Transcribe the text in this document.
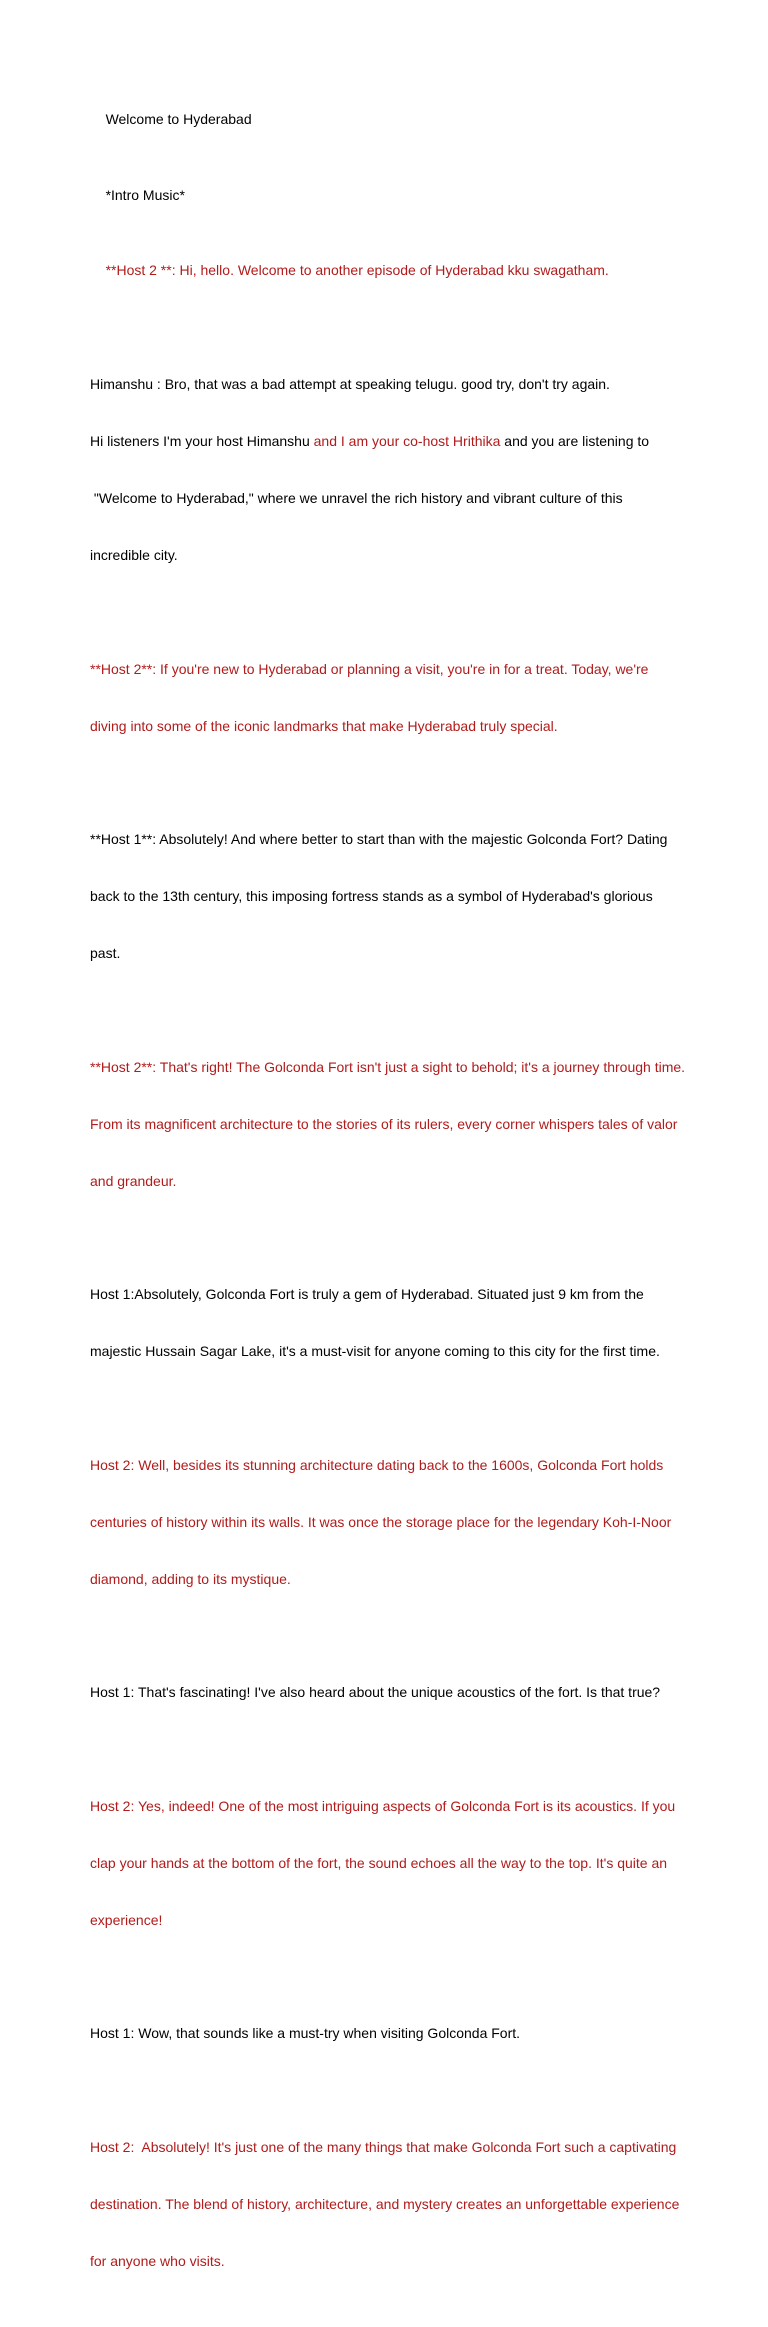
Welcome to Hyderabad

*Intro Music*

**Host 2 **: Hi, hello. Welcome to another episode of Hyderabad kku swagatham.

Himanshu : Bro, that was a bad attempt at speaking telugu. good try, don't try again.

Hi listeners I'm your host Himanshu and I am your co-host Hrithika and you are listening to

"Welcome to Hyderabad," where we unravel the rich history and vibrant culture of this

incredible city.

**Host 2**: If you're new to Hyderabad or planning a visit, you're in for a treat. Today, we're

diving into some of the iconic landmarks that make Hyderabad truly special.

**Host 1**: Absolutely! And where better to start than with the majestic Golconda Fort? Dating

back to the 13th century, this imposing fortress stands as a symbol of Hyderabad's glorious

past.

**Host 2**: That's right! The Golconda Fort isn't just a sight to behold; it's a journey through time.

From its magnificent architecture to the stories of its rulers, every corner whispers tales of valor

and grandeur.

Host 1:Absolutely, Golconda Fort is truly a gem of Hyderabad. Situated just 9 km from the

majestic Hussain Sagar Lake, it's a must-visit for anyone coming to this city for the first time.

Host 2: Well, besides its stunning architecture dating back to the 1600s, Golconda Fort holds

centuries of history within its walls. It was once the storage place for the legendary Koh-I-Noor

diamond, adding to its mystique.

Host 1: That's fascinating! I've also heard about the unique acoustics of the fort. Is that true?

Host 2: Yes, indeed! One of the most intriguing aspects of Golconda Fort is its acoustics. If you

clap your hands at the bottom of the fort, the sound echoes all the way to the top. It's quite an

experience!

Host 1: Wow, that sounds like a must-try when visiting Golconda Fort.

Host 2:  Absolutely! It's just one of the many things that make Golconda Fort such a captivating

destination. The blend of history, architecture, and mystery creates an unforgettable experience

for anyone who visits.
